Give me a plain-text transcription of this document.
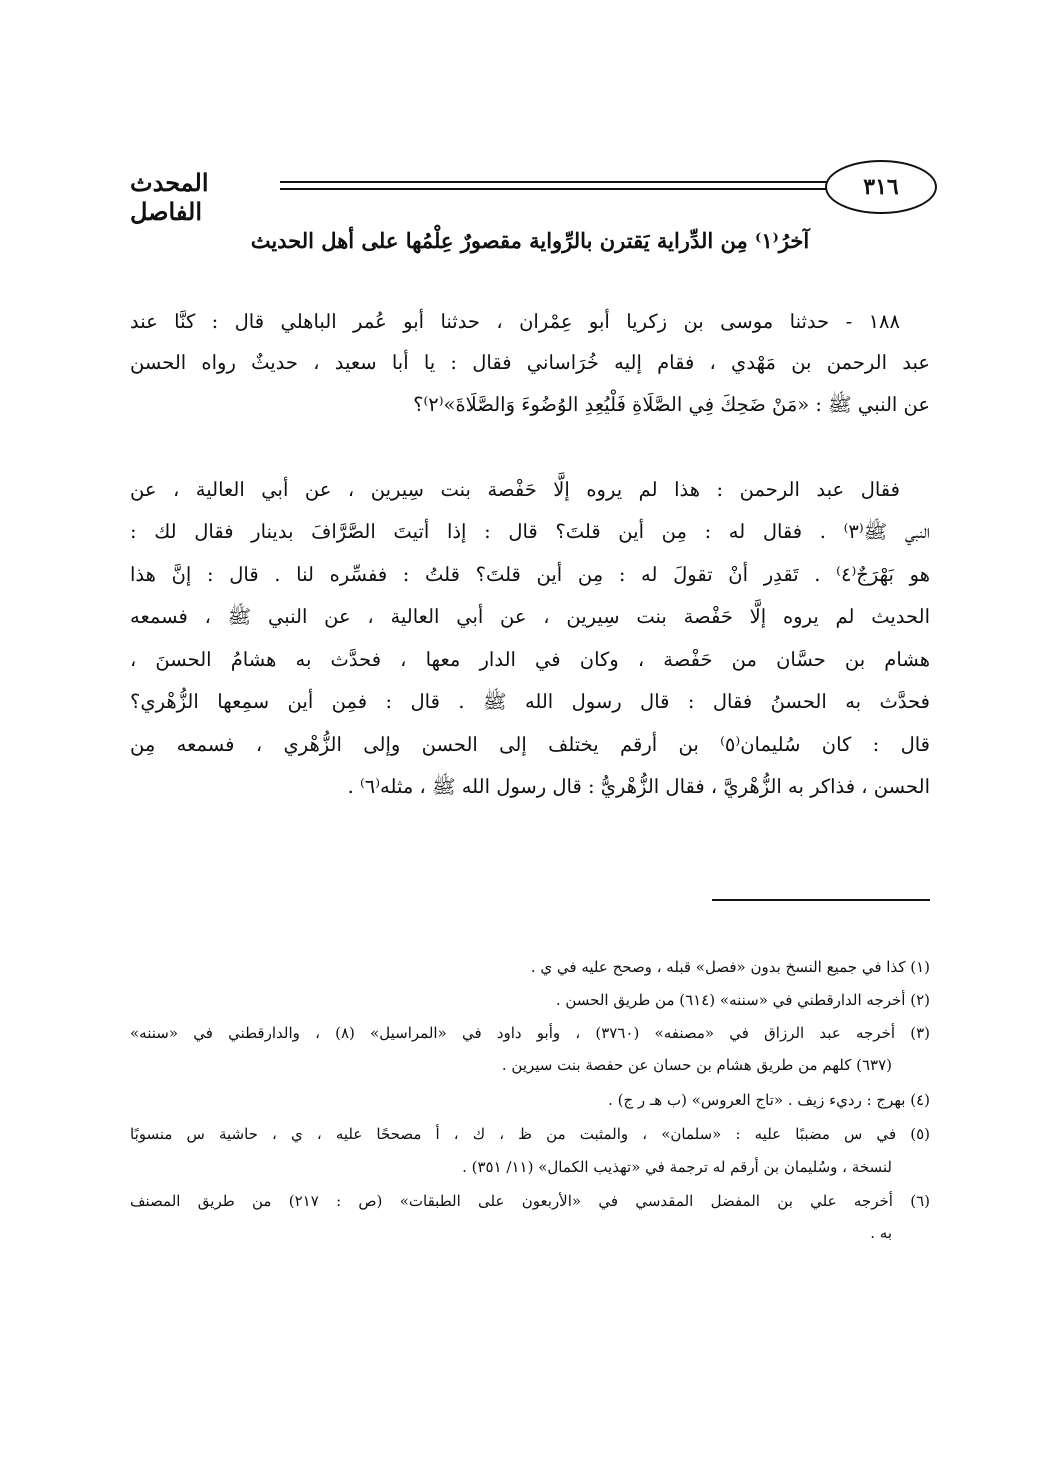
٣١٦
المحدث الفاصل
آخرُ⁽١⁾ مِن الدِّراية يَقترن بالرِّواية مقصورٌ عِلْمُها على أهل الحديث
١٨٨ - حدثنا موسى بن زكريا أبو عِمْران ، حدثنا أبو عُمر الباهلي قال : كنَّا عند
عبد الرحمن بن مَهْدي ، فقام إليه خُرَاساني فقال : يا أبا سعيد ، حديثٌ رواه الحسن
عن النبي ﷺ : «مَنْ ضَحِكَ فِي الصَّلَاةِ فَلْيُعِدِ الوُضُوءَ وَالصَّلَاةَ»⁽٢⁾؟
فقال عبد الرحمن : هذا لم يروه إلَّا حَفْصة بنت سِيرين ، عن أبي العالية ، عن
النبي ﷺ⁽٣⁾ . فقال له : مِن أين قلتَ؟ قال : إذا أتيتَ الصَّرَّافَ بدينار فقال لك :
هو بَهْرَجٌ⁽٤⁾ . تَقدِر أنْ تقولَ له : مِن أين قلتَ؟ قلتُ : ففسِّره لنا . قال : إنَّ هذا
الحديث لم يروه إلَّا حَفْصة بنت سِيرين ، عن أبي العالية ، عن النبي ﷺ ، فسمعه
هشام بن حسَّان من حَفْصة ، وكان في الدار معها ، فحدَّث به هشامُ الحسنَ ،
فحدَّث به الحسنُ فقال : قال رسول الله ﷺ . قال : فمِن أين سمِعها الزُّهْري؟
قال : كان سُليمان⁽٥⁾ بن أرقم يختلف إلى الحسن وإلى الزُّهْري ، فسمعه مِن
الحسن ، فذاكر به الزُّهْريَّ ، فقال الزُّهْريُّ : قال رسول الله ﷺ ، مثله⁽٦⁾ .
(١) كذا في جميع النسخ بدون «فصل» قبله ، وصحح عليه في ي .
(٢) أخرجه الدارقطني في «سننه» (٦١٤) من طريق الحسن .
(٣) أخرجه عبد الرزاق في «مصنفه» (٣٧٦٠) ، وأبو داود في «المراسيل» (٨) ، والدارقطني في «سننه»
(٦٣٧) كلهم من طريق هشام بن حسان عن حفصة بنت سيرين .
(٤) بهرج : رديء زيف . «تاج العروس» (ب هـ ر ج) .
(٥) في س مضببًا عليه : «سلمان» ، والمثبت من ظ ، ك ، أ مصححًا عليه ، ي ، حاشية س منسوبًا
لنسخة ، وسُليمان بن أرقم له ترجمة في «تهذيب الكمال» (١١/ ٣٥١) .
(٦) أخرجه علي بن المفضل المقدسي في «الأربعون على الطبقات» (ص : ٢١٧) من طريق المصنف
به .
